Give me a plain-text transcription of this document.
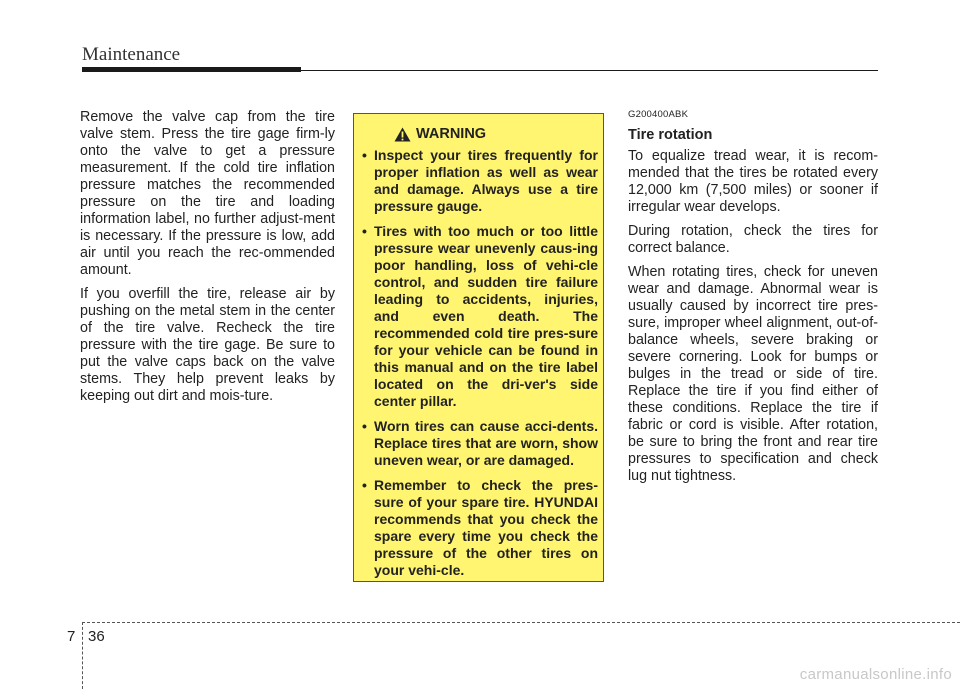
Maintenance

Remove the valve cap from the tire valve stem. Press the tire gage firm-ly onto the valve to get a pressure measurement. If the cold tire inflation pressure matches the recommended pressure on the tire and loading information label, no further adjust-ment is necessary. If the pressure is low, add air until you reach the rec-ommended amount.

If you overfill the tire, release air by pushing on the metal stem in the center of the tire valve. Recheck the tire pressure with the tire gage. Be sure to put the valve caps back on the valve stems. They help prevent leaks by keeping out dirt and mois-ture.

WARNING
• Inspect your tires frequently for proper inflation as well as wear and damage. Always use a tire pressure gauge.
• Tires with too much or too little pressure wear unevenly caus-ing poor handling, loss of vehi-cle control, and sudden tire failure leading to accidents, injuries, and even death. The recommended cold tire pres-sure for your vehicle can be found in this manual and on the tire label located on the dri-ver's side center pillar.
• Worn tires can cause acci-dents. Replace tires that are worn, show uneven wear, or are damaged.
• Remember to check the pres-sure of your spare tire. HYUNDAI recommends that you check the spare every time you check the pressure of the other tires on your vehi-cle.

G200400ABK

Tire rotation

To equalize tread wear, it is recom-mended that the tires be rotated every 12,000 km (7,500 miles) or sooner if irregular wear develops.

During rotation, check the tires for correct balance.

When rotating tires, check for uneven wear and damage. Abnormal wear is usually caused by incorrect tire pres-sure, improper wheel alignment, out-of-balance wheels, severe braking or severe cornering. Look for bumps or bulges in the tread or side of tire. Replace the tire if you find either of these conditions. Replace the tire if fabric or cord is visible. After rotation, be sure to bring the front and rear tire pressures to specification and check lug nut tightness.

7 36
carmanualsonline.info
